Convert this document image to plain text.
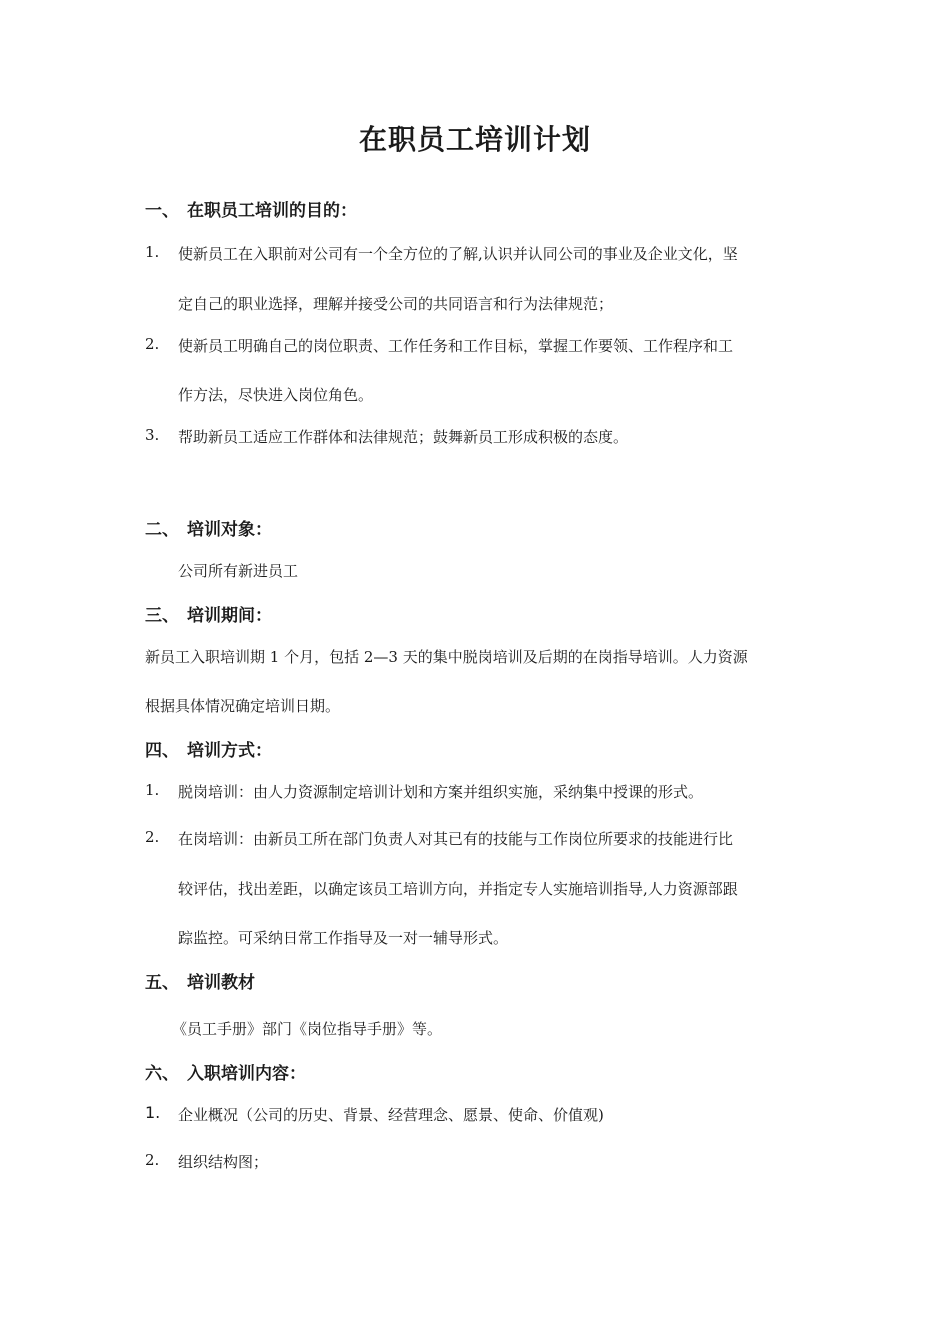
在职员工培训计划
一、 在职员工培训的目的：
1. 使新员工在入职前对公司有一个全方位的了解,认识并认同公司的事业及企业文化，坚
定自己的职业选择，理解并接受公司的共同语言和行为法律规范；
2. 使新员工明确自己的岗位职责、工作任务和工作目标，掌握工作要领、工作程序和工
作方法，尽快进入岗位角色。
3. 帮助新员工适应工作群体和法律规范；鼓舞新员工形成积极的态度。
二、 培训对象：
公司所有新进员工
三、 培训期间：
新员工入职培训期 1 个月，包括 2—3 天的集中脱岗培训及后期的在岗指导培训。人力资源
根据具体情况确定培训日期。
四、 培训方式：
1. 脱岗培训：由人力资源制定培训计划和方案并组织实施，采纳集中授课的形式。
2. 在岗培训：由新员工所在部门负责人对其已有的技能与工作岗位所要求的技能进行比
较评估，找出差距，以确定该员工培训方向，并指定专人实施培训指导,人力资源部跟
踪监控。可采纳日常工作指导及一对一辅导形式。
五、 培训教材
《员工手册》部门《岗位指导手册》等。
六、 入职培训内容：
1. 企业概况（公司的历史、背景、经营理念、愿景、使命、价值观)
2. 组织结构图；
